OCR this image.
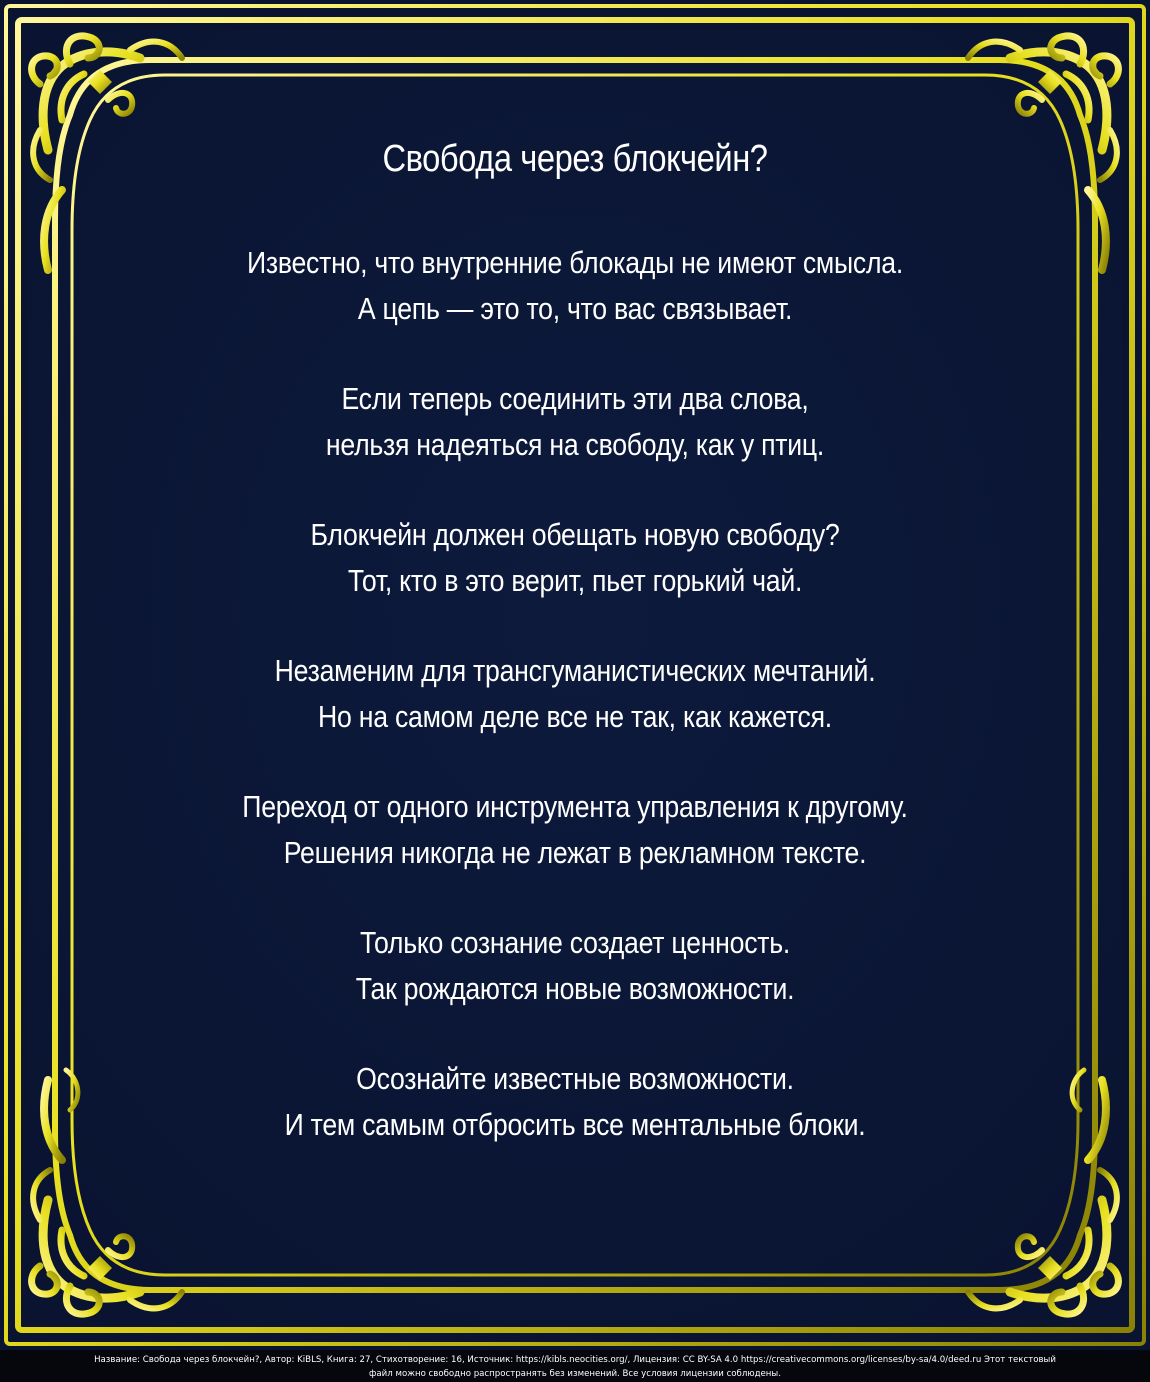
Свобода через блокчейн?
Известно, что внутренние блокады не имеют смысла.
А цепь — это то, что вас связывает.
Если теперь соединить эти два слова,
нельзя надеяться на свободу, как у птиц.
Блокчейн должен обещать новую свободу?
Тот, кто в это верит, пьет горький чай.
Незаменим для трансгуманистических мечтаний.
Но на самом деле все не так, как кажется.
Переход от одного инструмента управления к другому.
Решения никогда не лежат в рекламном тексте.
Только сознание создает ценность.
Так рождаются новые возможности.
Осознайте известные возможности.
И тем самым отбросить все ментальные блоки.
Название: Свобода через блокчейн?, Автор: KiBLS, Книга: 27, Стихотворение: 16, Источник: https://kibls.neocities.org/, Лицензия: CC BY-SA 4.0 https://creativecommons.org/licenses/by-sa/4.0/deed.ru Этот текстовый
файл можно свободно распространять без изменений. Все условия лицензии соблюдены.
